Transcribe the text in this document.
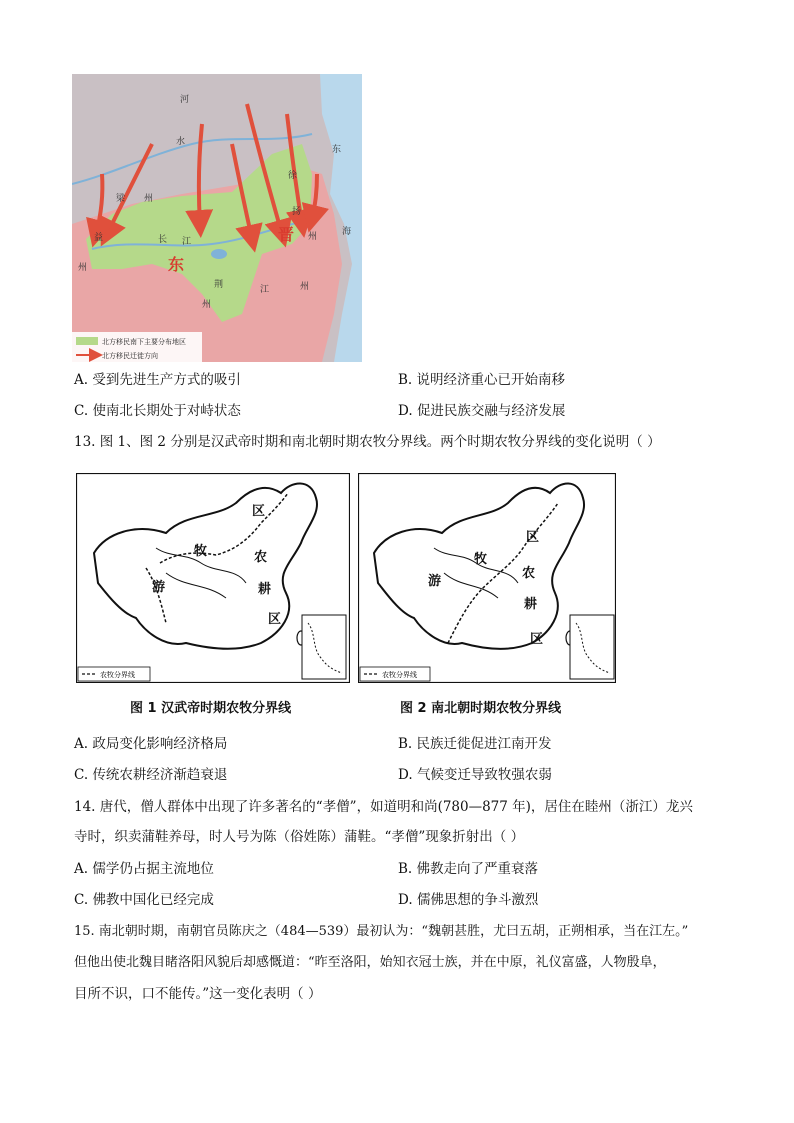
东
晋
梁 州
益
州
徐
扬
州
荆
州
江	州
河
水
长 江
东
海
北方移民南下主要分布地区
北方移民迁徙方向
A. 受到先进生产方式的吸引	B. 说明经济重心已开始南移
C. 使南北长期处于对峙状态	D. 促进民族交融与经济发展
13. 图 1、图 2 分别是汉武帝时期和南北朝时期农牧分界线。两个时期农牧分界线的变化说明（ ）
农牧分界线
区
牧	农
游	耕
区
农牧分界线
区
牧
农
游
耕
区
图 1 汉武帝时期农牧分界线	图 2 南北朝时期农牧分界线
A. 政局变化影响经济格局	B. 民族迁徙促进江南开发
C. 传统农耕经济渐趋衰退	D. 气候变迁导致牧强农弱
14. 唐代，僧人群体中出现了许多著名的“孝僧”，如道明和尚(780—877 年)，居住在睦州（浙江）龙兴
寺时，织卖蒲鞋养母，时人号为陈（俗姓陈）蒲鞋。“孝僧”现象折射出（ ）
A. 儒学仍占据主流地位	B. 佛教走向了严重衰落
C. 佛教中国化已经完成	D. 儒佛思想的争斗激烈
15. 南北朝时期，南朝官员陈庆之（484—539）最初认为：“魏朝甚胜，尤曰五胡，正朔相承，当在江左。”
但他出使北魏目睹洛阳风貌后却感慨道：“昨至洛阳，始知衣冠士族，并在中原，礼仪富盛，人物殷阜，
目所不识，口不能传。”这一变化表明（ ）
